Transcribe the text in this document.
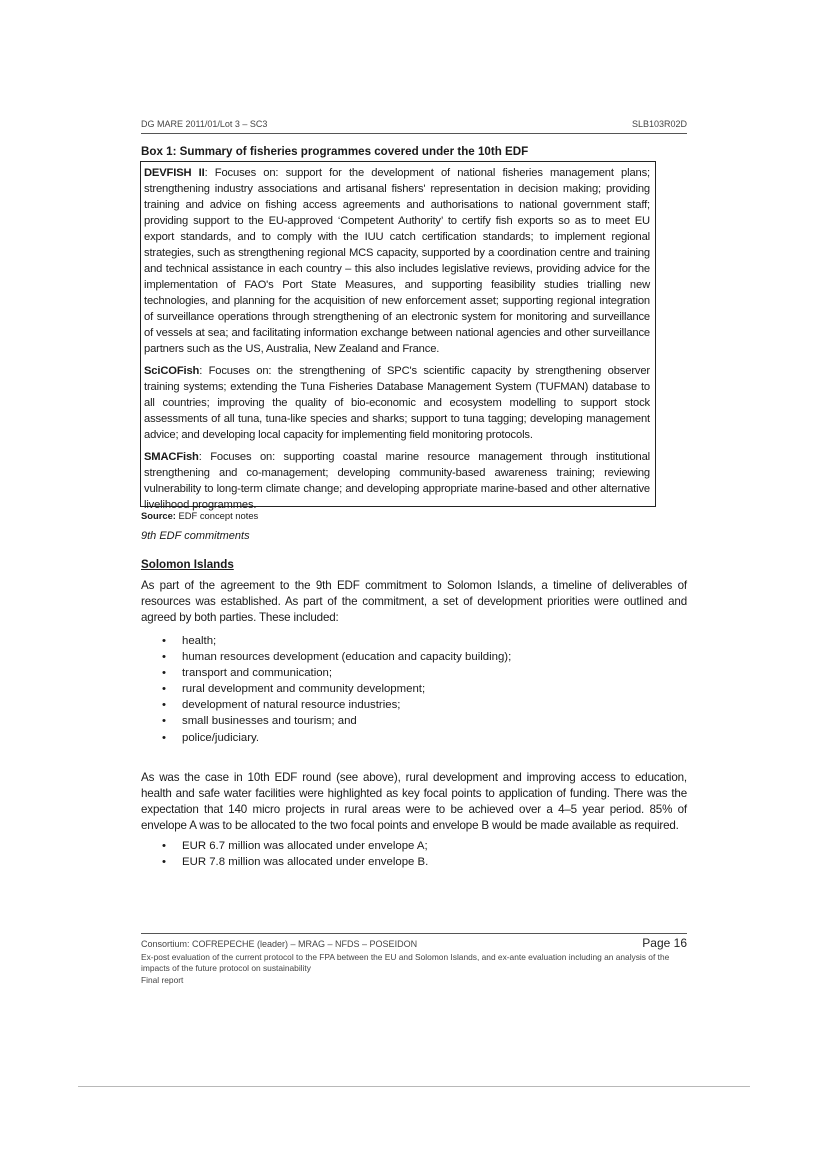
DG MARE 2011/01/Lot 3 – SC3	SLB103R02D
Box 1: Summary of fisheries programmes covered under the 10th EDF

DEVFISH II: Focuses on: support for the development of national fisheries management plans; strengthening industry associations and artisanal fishers' representation in decision making; providing training and advice on fishing access agreements and authorisations to national government staff; providing support to the EU-approved ‘Competent Authority’ to certify fish exports so as to meet EU export standards, and to comply with the IUU catch certification standards; to implement regional strategies, such as strengthening regional MCS capacity, supported by a coordination centre and training and technical assistance in each country – this also includes legislative reviews, providing advice for the implementation of FAO's Port State Measures, and supporting feasibility studies trialling new technologies, and planning for the acquisition of new enforcement asset; supporting regional integration of surveillance operations through strengthening of an electronic system for monitoring and surveillance of vessels at sea; and facilitating information exchange between national agencies and other surveillance partners such as the US, Australia, New Zealand and France.

SciCOFish: Focuses on: the strengthening of SPC's scientific capacity by strengthening observer training systems; extending the Tuna Fisheries Database Management System (TUFMAN) database to all countries; improving the quality of bio-economic and ecosystem modelling to support stock assessments of all tuna, tuna-like species and sharks; support to tuna tagging; developing management advice; and developing local capacity for implementing field monitoring protocols.

SMACFish: Focuses on: supporting coastal marine resource management through institutional strengthening and co-management; developing community-based awareness training; reviewing vulnerability to long-term climate change; and developing appropriate marine-based and other alternative livelihood programmes.

Source: EDF concept notes
9th EDF commitments
Solomon Islands

As part of the agreement to the 9th EDF commitment to Solomon Islands, a timeline of deliverables of resources was established. As part of the commitment, a set of development priorities were outlined and agreed by both parties. These included:

• health;
• human resources development (education and capacity building);
• transport and communication;
• rural development and community development;
• development of natural resource industries;
• small businesses and tourism; and
• police/judiciary.

As was the case in 10th EDF round (see above), rural development and improving access to education, health and safe water facilities were highlighted as key focal points to application of funding. There was the expectation that 140 micro projects in rural areas were to be achieved over a 4–5 year period. 85% of envelope A was to be allocated to the two focal points and envelope B would be made available as required.

• EUR 6.7 million was allocated under envelope A;
• EUR 7.8 million was allocated under envelope B.
Consortium: COFREPECHE (leader) – MRAG – NFDS – POSEIDON	Page 16
Ex-post evaluation of the current protocol to the FPA between the EU and Solomon Islands, and ex-ante evaluation including an analysis of the impacts of the future protocol on sustainability
Final report
